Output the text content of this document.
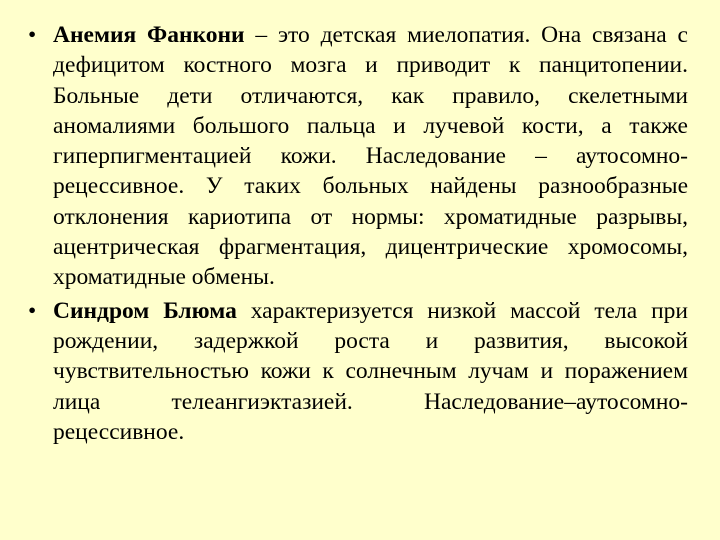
• Анемия Фанкони – это детская миелопатия. Она связана с дефицитом костного мозга и приводит к панцитопении. Больные дети отличаются, как правило, скелетными аномалиями большого пальца и лучевой кости, а также гиперпигментацией кожи. Наследование – аутосомно-рецессивное. У таких больных найдены разнообразные отклонения кариотипа от нормы: хроматидные разрывы, ацентрическая фрагментация, дицентрические хромосомы, хроматидные обмены.
• Синдром Блюма характеризуется низкой массой тела при рождении, задержкой роста и развития, высокой чувствительностью кожи к солнечным лучам и поражением лица телеангиэктазией. Наследование–аутосомно-рецессивное.
